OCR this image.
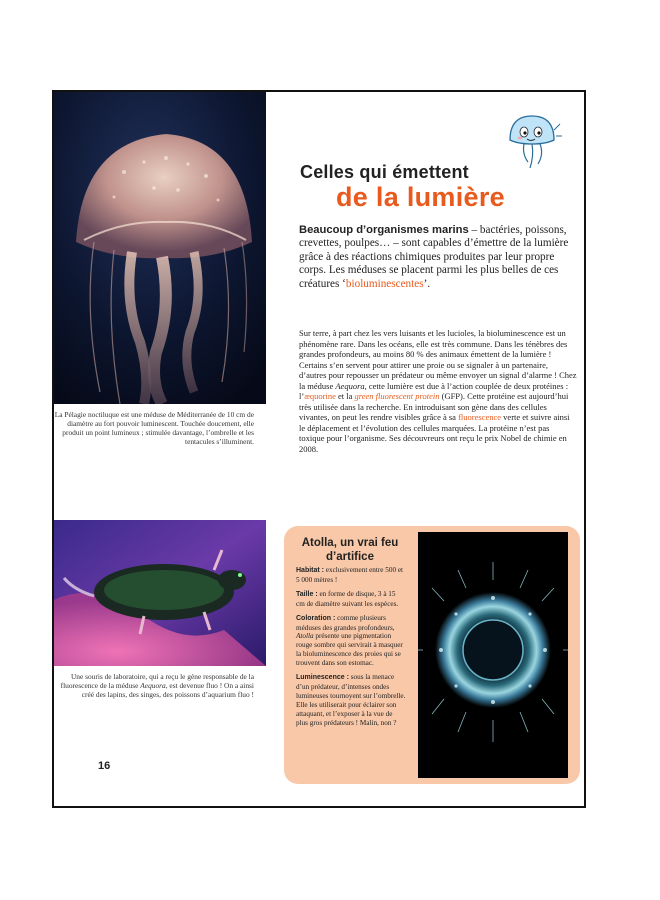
La Pélagie noctiluque est une méduse de Méditerranée de 10 cm de diamètre au fort pouvoir luminescent. Touchée doucement, elle produit un point lumineux ; stimulée davantage, l’ombrelle et les tentacules s’illuminent.
Une souris de laboratoire, qui a reçu le gène responsable de la fluorescence de la méduse Aequora, est devenue fluo ! On a ainsi créé des lapins, des singes, des poissons d’aquarium fluo !
16
Celles qui émettent
de la lumière
Beaucoup d’organismes marins – bactéries, poissons, crevettes, poulpes… – sont capables d’émettre de la lumière grâce à des réactions chimiques produites par leur propre corps. Les méduses se placent parmi les plus belles de ces créatures ‘bioluminescentes’.
Sur terre, à part chez les vers luisants et les lucioles, la bioluminescence est un phénomène rare. Dans les océans, elle est très commune. Dans les ténèbres des grandes profondeurs, au moins 80 % des animaux émettent de la lumière ! Certains s’en servent pour attirer une proie ou se signaler à un partenaire, d’autres pour repousser un prédateur ou même envoyer un signal d’alarme ! Chez la méduse Aequora, cette lumière est due à l’action couplée de deux protéines : l’æquorine et la green fluorescent protein (GFP). Cette protéine est aujourd’hui très utilisée dans la recherche. En introduisant son gène dans des cellules vivantes, on peut les rendre visibles grâce à sa fluorescence verte et suivre ainsi le déplacement et l’évolution des cellules marquées. La protéine n’est pas toxique pour l’organisme. Ses découvreurs ont reçu le prix Nobel de chimie en 2008.
Atolla, un vrai feu d’artifice

Habitat : exclusivement entre 500 et 5 000 mètres !

Taille : en forme de disque, 3 à 15 cm de diamètre suivant les espèces.

Coloration : comme plusieurs méduses des grandes profondeurs, Atolla présente une pigmentation rouge sombre qui servirait à masquer la bioluminescence des proies qui se trouvent dans son estomac.

Luminescence : sous la menace d’un prédateur, d’intenses ondes lumineuses tournoyent sur l’ombrelle. Elle les utiliserait pour éclairer son attaquant, et l’exposer à la vue de plus gros prédateurs ! Malin, non ?
